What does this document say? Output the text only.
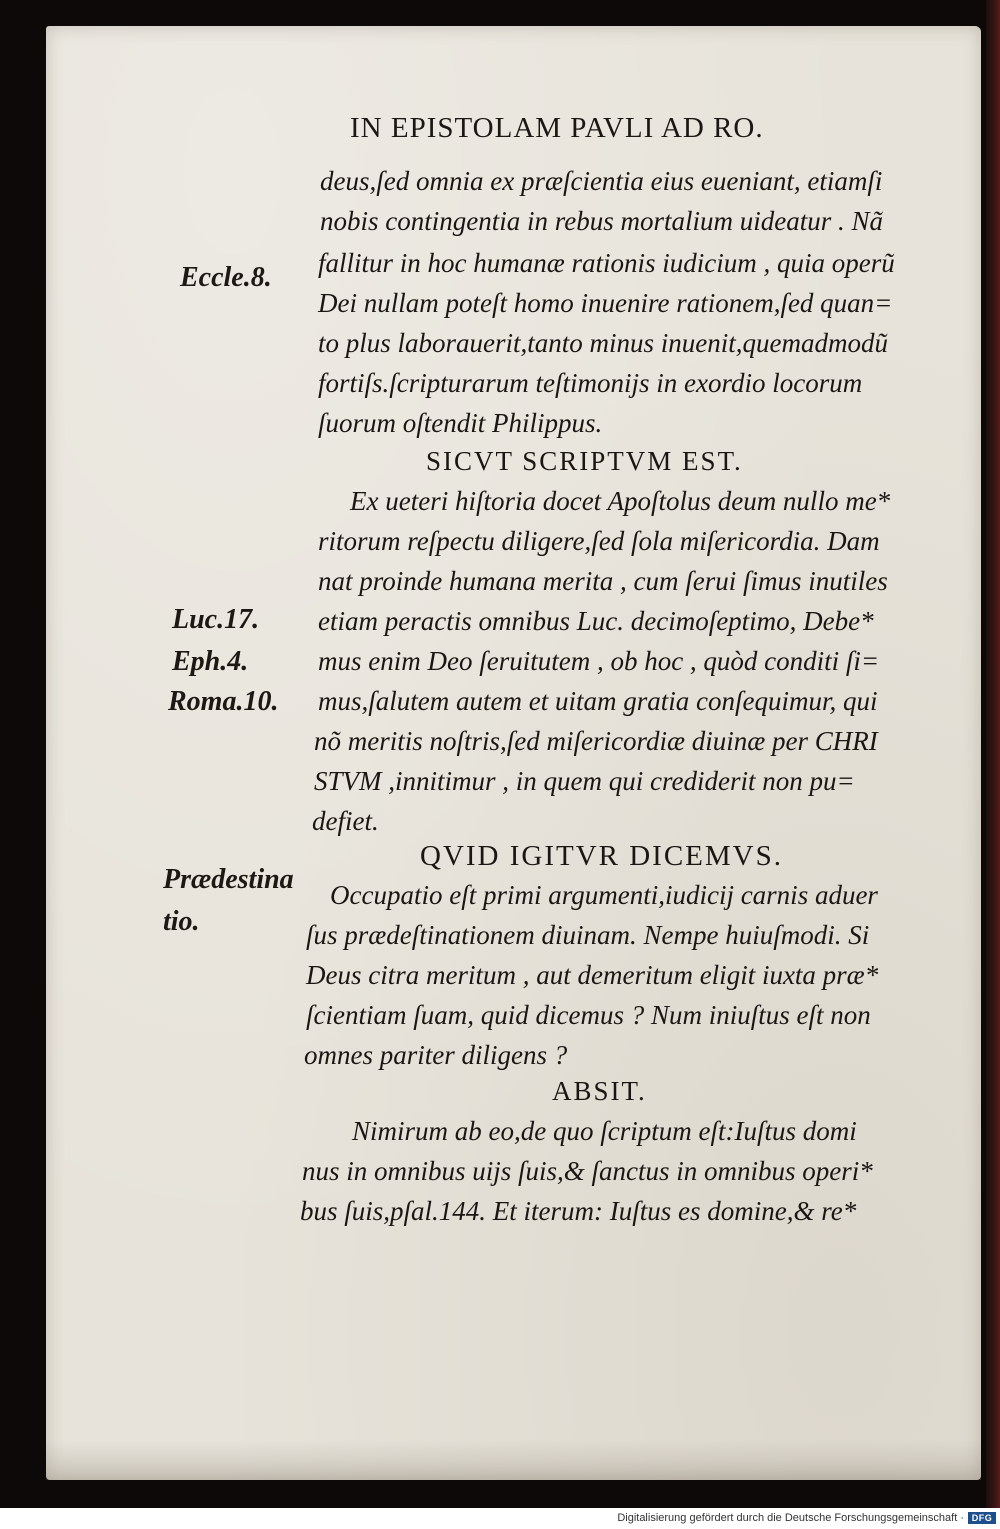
IN EPISTOLAM PAVLI AD RO.
Eccle.8.
Luc.17.
Eph.4.
Roma.10.
Prædestina
tio.
deus,ſed omnia ex præſcientia eius eueniant, etiamſi
nobis contingentia in rebus mortalium uideatur . Nã
fallitur in hoc humanæ rationis iudicium , quia operũ
Dei nullam poteſt homo inuenire rationem,ſed quan=
to plus laborauerit,tanto minus inuenit,quemadmodũ
fortiſs.ſcripturarum teſtimonijs in exordio locorum
ſuorum oſtendit Philippus.
SICVT SCRIPTVM EST.
Ex ueteri hiſtoria docet Apoſtolus deum nullo me*
ritorum reſpectu diligere,ſed ſola miſericordia. Dam
nat proinde humana merita , cum ſerui ſimus inutiles
etiam peractis omnibus Luc. decimoſeptimo, Debe*
mus enim Deo ſeruitutem , ob hoc , quòd conditi ſi=
mus,ſalutem autem et uitam gratia conſequimur, qui
nõ meritis noſtris,ſed miſericordiæ diuinæ per CHRI
STVM ,innitimur , in quem qui crediderit non pu=
defiet.
QVID IGITVR DICEMVS.
Occupatio eſt primi argumenti,iudicij carnis aduer
ſus prædeſtinationem diuinam. Nempe huiuſmodi. Si
Deus citra meritum , aut demeritum eligit iuxta præ*
ſcientiam ſuam, quid dicemus ? Num iniuſtus eſt non
omnes pariter diligens ?
ABSIT.
Nimirum ab eo,de quo ſcriptum eſt:Iuſtus domi
nus in omnibus uijs ſuis,& ſanctus in omnibus operi*
bus ſuis,pſal.144. Et iterum: Iuſtus es domine,& re*
Digitalisierung gefördert durch die Deutsche Forschungsgemeinschaft · DFG
